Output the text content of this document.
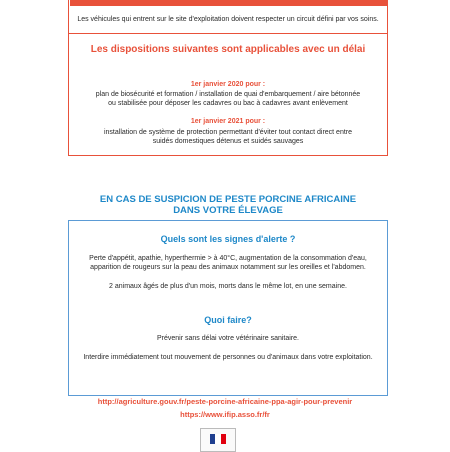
Les véhicules qui entrent sur le site d'exploitation doivent respecter un circuit défini par vos soins.
Les dispositions suivantes sont applicables avec un délai
1er janvier 2020 pour :
plan de biosécurité et formation / installation de quai d'embarquement / aire bétonnée
ou stabilisée pour déposer les cadavres ou bac à cadavres avant enlèvement
1er janvier 2021 pour :
installation de système de protection permettant d'éviter tout contact direct entre
suidés domestiques détenus et suidés sauvages
EN CAS DE SUSPICION DE PESTE PORCINE AFRICAINE
DANS VOTRE ÉLEVAGE
Quels sont les signes d'alerte ?
Perte d'appétit, apathie, hyperthermie > à 40°C, augmentation de la consommation d'eau,
apparition de rougeurs sur la peau des animaux notamment sur les oreilles et l'abdomen.
2 animaux âgés de plus d'un mois, morts dans le même lot, en une semaine.
Quoi faire?
Prévenir sans délai votre vétérinaire sanitaire.
Interdire immédiatement tout mouvement de personnes ou d'animaux dans votre exploitation.
http://agriculture.gouv.fr/peste-porcine-africaine-ppa-agir-pour-prevenir
https://www.ifip.asso.fr/fr
